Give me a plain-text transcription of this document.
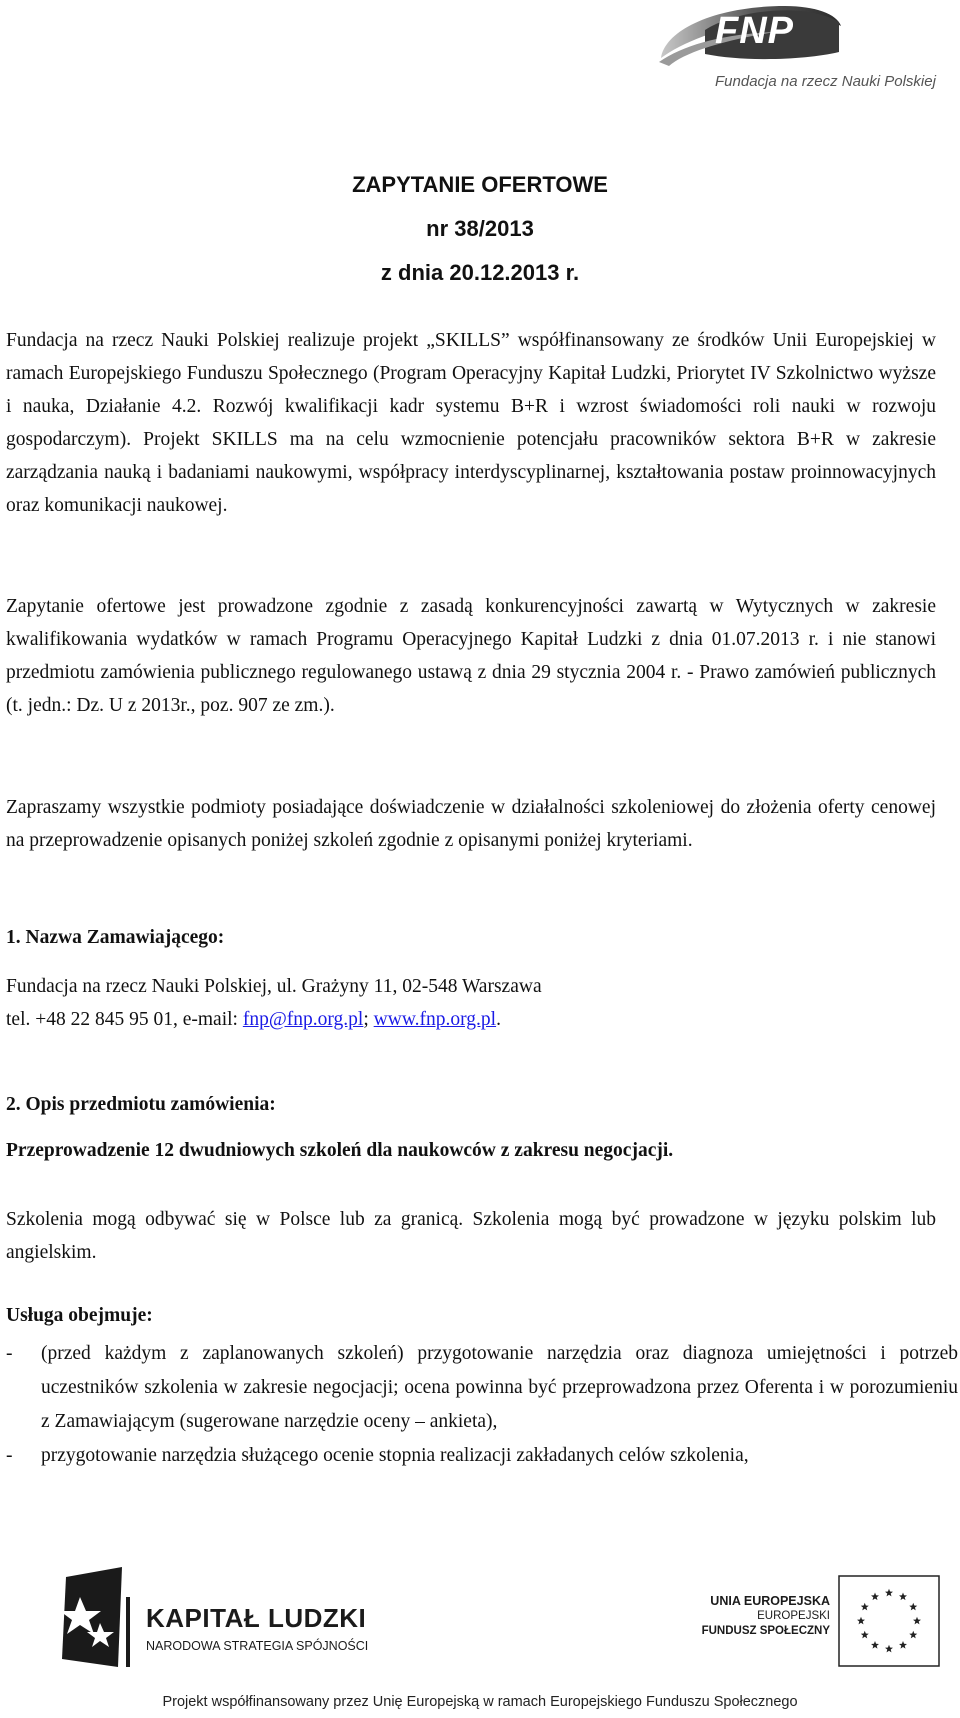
FNP
Fundacja na rzecz Nauki Polskiej
ZAPYTANIE OFERTOWE
nr 38/2013
z dnia 20.12.2013 r.

Fundacja na rzecz Nauki Polskiej realizuje projekt „SKILLS” współfinansowany ze środków Unii Europejskiej w ramach Europejskiego Funduszu Społecznego (Program Operacyjny Kapitał Ludzki, Priorytet IV Szkolnictwo wyższe i nauka, Działanie 4.2. Rozwój kwalifikacji kadr systemu B+R i wzrost świadomości roli nauki w rozwoju gospodarczym). Projekt SKILLS ma na celu wzmocnienie potencjału pracowników sektora B+R w zakresie zarządzania nauką i badaniami naukowymi, współpracy interdyscyplinarnej, kształtowania postaw proinnowacyjnych oraz komunikacji naukowej.

Zapytanie ofertowe jest prowadzone zgodnie z zasadą konkurencyjności zawartą w Wytycznych w zakresie kwalifikowania wydatków w ramach Programu Operacyjnego Kapitał Ludzki z dnia 01.07.2013 r. i nie stanowi przedmiotu zamówienia publicznego regulowanego ustawą z dnia 29 stycznia 2004 r. - Prawo zamówień publicznych (t. jedn.: Dz. U z 2013r., poz. 907 ze zm.).

Zapraszamy wszystkie podmioty posiadające doświadczenie w działalności szkoleniowej do złożenia oferty cenowej na przeprowadzenie opisanych poniżej szkoleń zgodnie z opisanymi poniżej kryteriami.

1. Nazwa Zamawiającego:

Fundacja na rzecz Nauki Polskiej, ul. Grażyny 11, 02-548 Warszawa

tel. +48 22 845 95 01, e-mail: fnp@fnp.org.pl; www.fnp.org.pl.

2. Opis przedmiotu zamówienia:
Przeprowadzenie 12 dwudniowych szkoleń dla naukowców z zakresu negocjacji.

Szkolenia mogą odbywać się w Polsce lub za granicą. Szkolenia mogą być prowadzone w języku polskim lub angielskim.

Usługa obejmuje:

- (przed każdym z zaplanowanych szkoleń) przygotowanie narzędzia oraz diagnoza umiejętności i potrzeb uczestników szkolenia w zakresie negocjacji; ocena powinna być przeprowadzona przez Oferenta i w porozumieniu z Zamawiającym (sugerowane narzędzie oceny – ankieta),

- przygotowanie narzędzia służącego ocenie stopnia realizacji zakładanych celów szkolenia,

KAPITAŁ LUDZKI
NARODOWA STRATEGIA SPÓJNOŚCI
UNIA EUROPEJSKA
EUROPEJSKI
FUNDUSZ SPOŁECZNY
Projekt współfinansowany przez Unię Europejską w ramach Europejskiego Funduszu Społecznego
